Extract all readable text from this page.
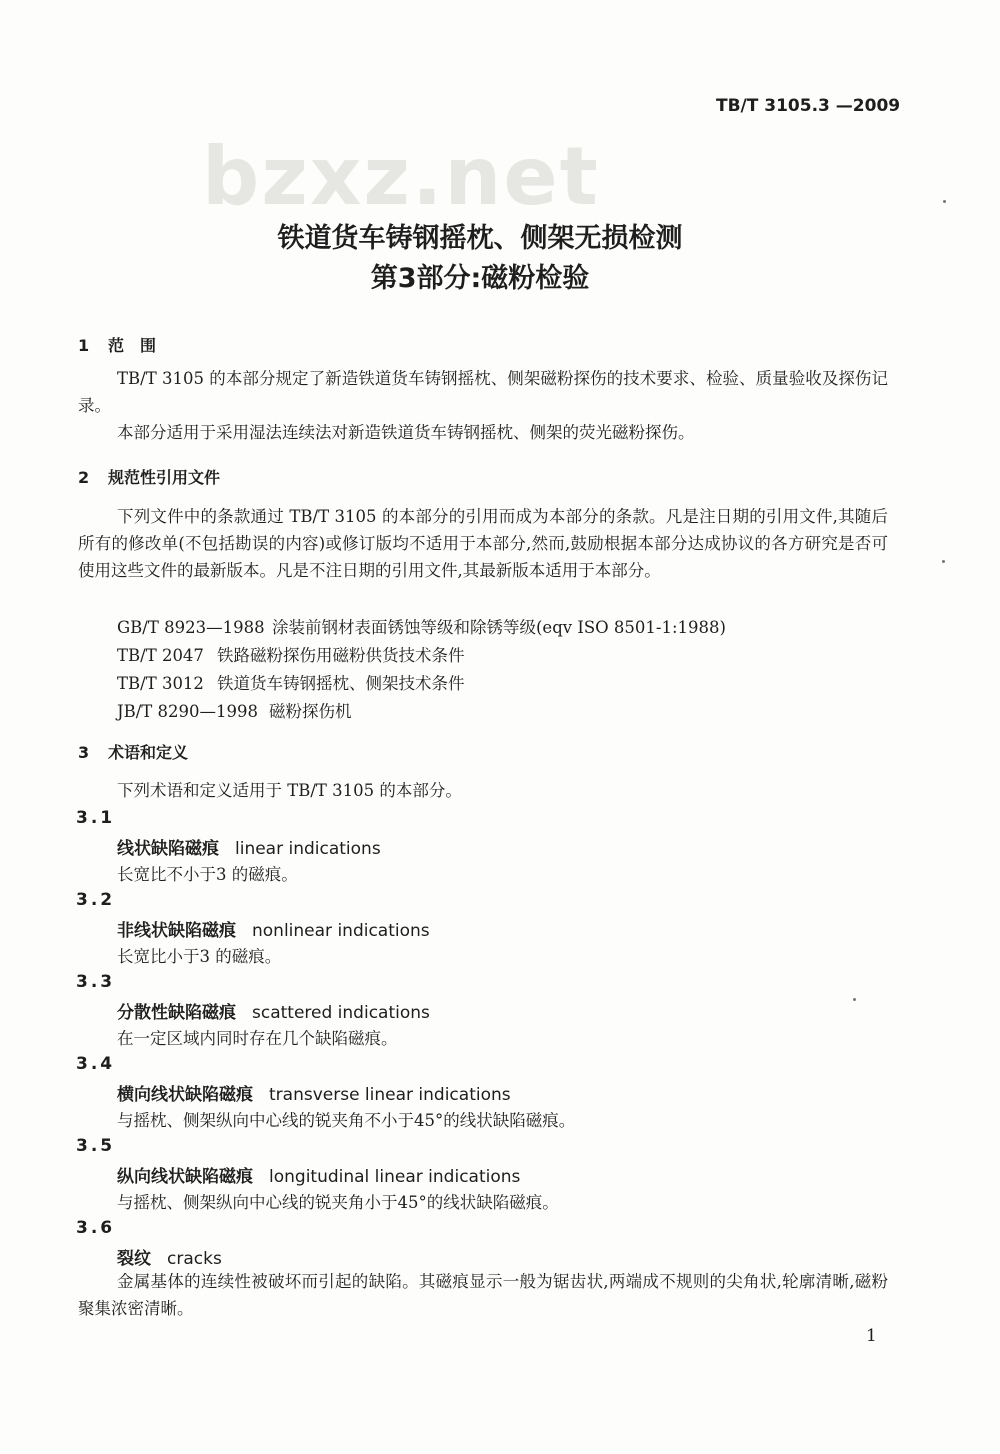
TB/T 3105.3 —2009
bzxz.net
铁道货车铸钢摇枕、侧架无损检测
第3部分:磁粉检验
1 范　围
TB/T 3105 的本部分规定了新造铁道货车铸钢摇枕、侧架磁粉探伤的技术要求、检验、质量验收及探伤记录。
本部分适用于采用湿法连续法对新造铁道货车铸钢摇枕、侧架的荧光磁粉探伤。
2 规范性引用文件
下列文件中的条款通过 TB/T 3105 的本部分的引用而成为本部分的条款。凡是注日期的引用文件,其随后所有的修改单(不包括勘误的内容)或修订版均不适用于本部分,然而,鼓励根据本部分达成协议的各方研究是否可使用这些文件的最新版本。凡是不注日期的引用文件,其最新版本适用于本部分。
GB/T 8923—1988 涂装前钢材表面锈蚀等级和除锈等级(eqv ISO 8501-1:1988)
TB/T 2047 铁路磁粉探伤用磁粉供货技术条件
TB/T 3012 铁道货车铸钢摇枕、侧架技术条件
JB/T 8290—1998 磁粉探伤机
3 术语和定义
下列术语和定义适用于 TB/T 3105 的本部分。
3.1
线状缺陷磁痕 linear indications
长宽比不小于3 的磁痕。
3.2
非线状缺陷磁痕 nonlinear indications
长宽比小于3 的磁痕。
3.3
分散性缺陷磁痕 scattered indications
在一定区域内同时存在几个缺陷磁痕。
3.4
横向线状缺陷磁痕 transverse linear indications
与摇枕、侧架纵向中心线的锐夹角不小于45°的线状缺陷磁痕。
3.5
纵向线状缺陷磁痕 longitudinal linear indications
与摇枕、侧架纵向中心线的锐夹角小于45°的线状缺陷磁痕。
3.6
裂纹 cracks
金属基体的连续性被破坏而引起的缺陷。其磁痕显示一般为锯齿状,两端成不规则的尖角状,轮廓清晰,磁粉聚集浓密清晰。
1
